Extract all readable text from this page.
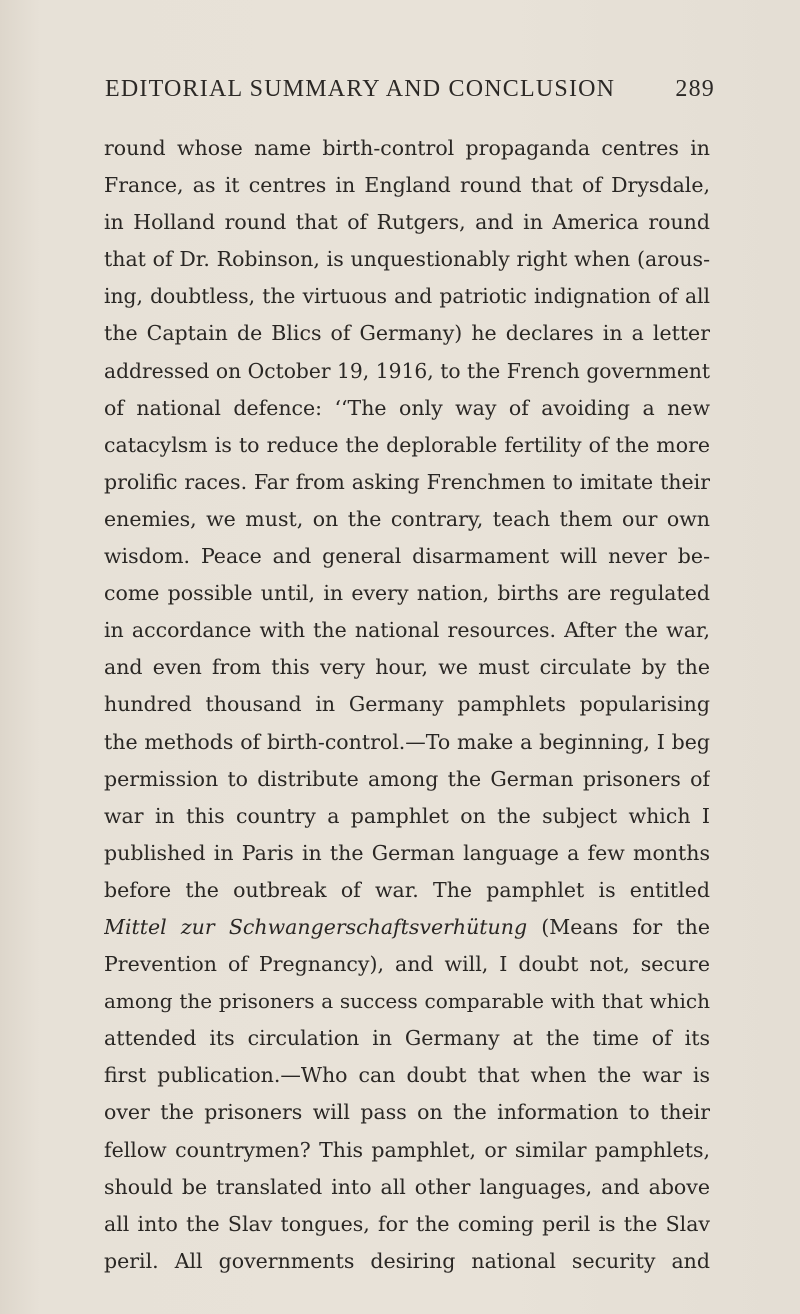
EDITORIAL SUMMARY AND CONCLUSION	289
round whose name birth-control propaganda centres in
France, as it centres in England round that of Drysdale,
in Holland round that of Rutgers, and in America round
that of Dr. Robinson, is unquestionably right when (arous-
ing, doubtless, the virtuous and patriotic indignation of all
the Captain de Blics of Germany) he declares in a letter
addressed on October 19, 1916, to the French government
of national defence: ‘‘The only way of avoiding a new
catacylsm is to reduce the deplorable fertility of the more
prolific races. Far from asking Frenchmen to imitate their
enemies, we must, on the contrary, teach them our own
wisdom. Peace and general disarmament will never be-
come possible until, in every nation, births are regulated
in accordance with the national resources. After the war,
and even from this very hour, we must circulate by the
hundred thousand in Germany pamphlets popularising
the methods of birth-control.—To make a beginning, I beg
permission to distribute among the German prisoners of
war in this country a pamphlet on the subject which I
published in Paris in the German language a few months
before the outbreak of war. The pamphlet is entitled
Mittel zur Schwangerschaftsverhütung (Means for the
Prevention of Pregnancy), and will, I doubt not, secure
among the prisoners a success comparable with that which
attended its circulation in Germany at the time of its
first publication.—Who can doubt that when the war is
over the prisoners will pass on the information to their
fellow countrymen? This pamphlet, or similar pamphlets,
should be translated into all other languages, and above
all into the Slav tongues, for the coming peril is the Slav
peril. All governments desiring national security and
